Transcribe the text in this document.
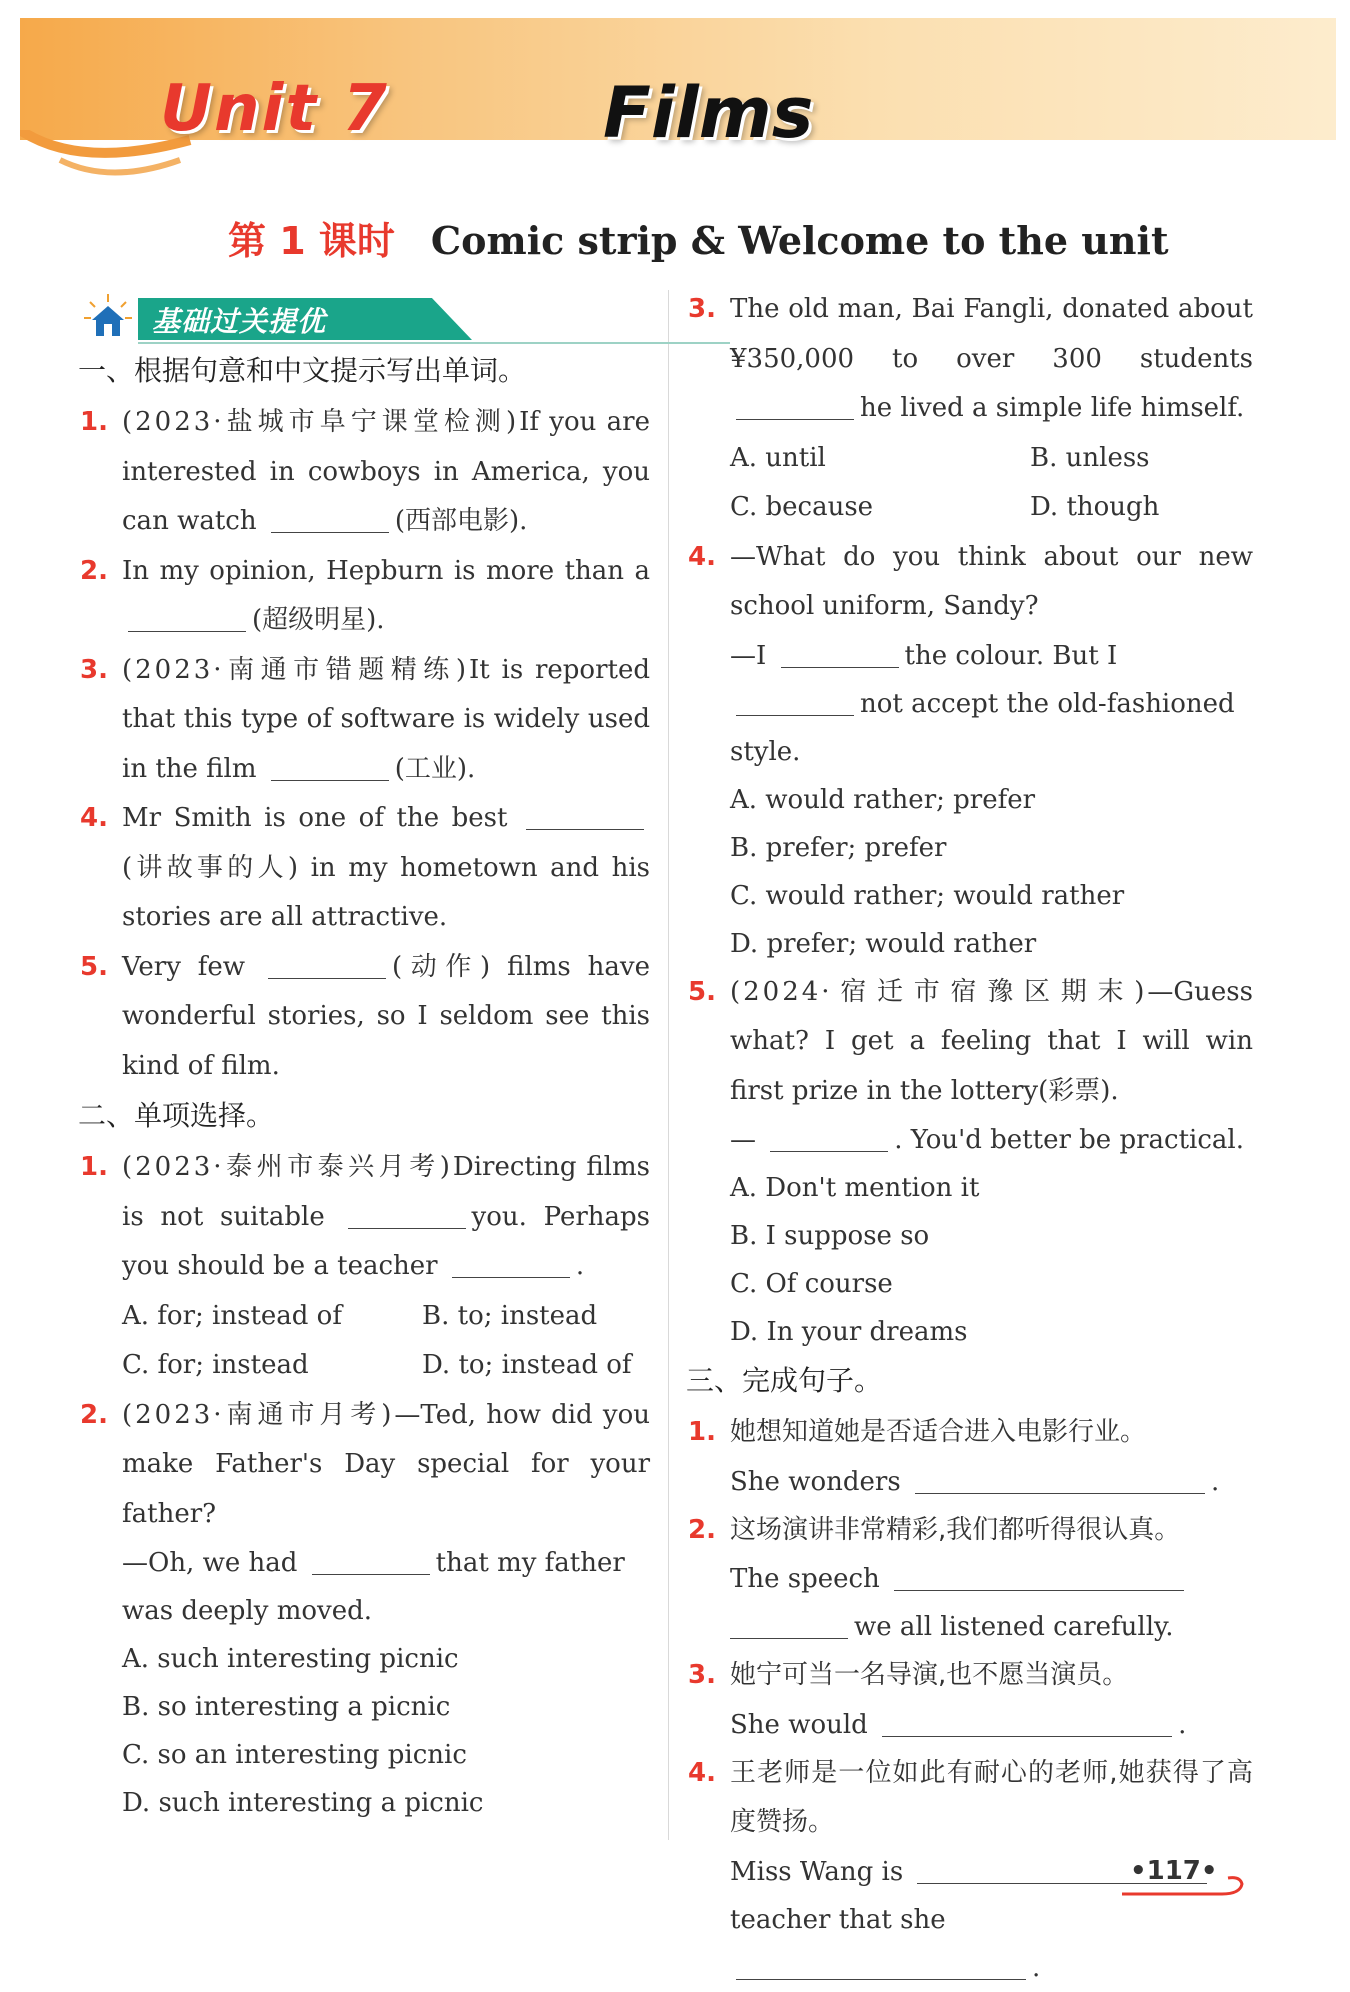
Unit 7	Films
第 1 课时 Comic strip & Welcome to the unit
基础过关提优
一、根据句意和中文提示写出单词。
1. (2023·盐城市阜宁课堂检测)If you are interested in cowboys in America, you can watch	(西部电影).
2. In my opinion, Hepburn is more than a (超级明星).
3. (2023·南通市错题精练)It is reported that this type of software is widely used in the film	(工业).
4. Mr Smith is one of the best (讲故事的人) in my hometown and his stories are all attractive.
5. Very few	(动作) films have wonderful stories, so I seldom see this kind of film.
二、单项选择。
1. (2023·泰州市泰兴月考)Directing films is not suitable	you. Perhaps you should be a teacher	.
A. for; instead of	B. to; instead
C. for; instead	D. to; instead of
2. (2023·南通市月考)—Ted, how did you make Father's Day special for your father?
—Oh, we had	that my father was deeply moved.
A. such interesting picnic
B. so interesting a picnic
C. so an interesting picnic
D. such interesting a picnic
3. The old man, Bai Fangli, donated about ¥350,000 to over 300 students he lived a simple life himself.
A. until	B. unless
C. because	D. though
4. —What do you think about our new school uniform, Sandy?
—I	the colour. But I not accept the old-fashioned style.
A. would rather; prefer
B. prefer; prefer
C. would rather; would rather
D. prefer; would rather
5. (2024·宿迁市宿豫区期末)—Guess what? I get a feeling that I will win first prize in the lottery(彩票).
—	. You'd better be practical.
A. Don't mention it
B. I suppose so
C. Of course
D. In your dreams
三、完成句子。
1. 她想知道她是否适合进入电影行业。
She wonders	.
2. 这场演讲非常精彩,我们都听得很认真。
The speech
we all listened carefully.
3. 她宁可当一名导演,也不愿当演员。
She would	.
4. 王老师是一位如此有耐心的老师,她获得了高度赞扬。
Miss Wang is
teacher that she .
•117•
